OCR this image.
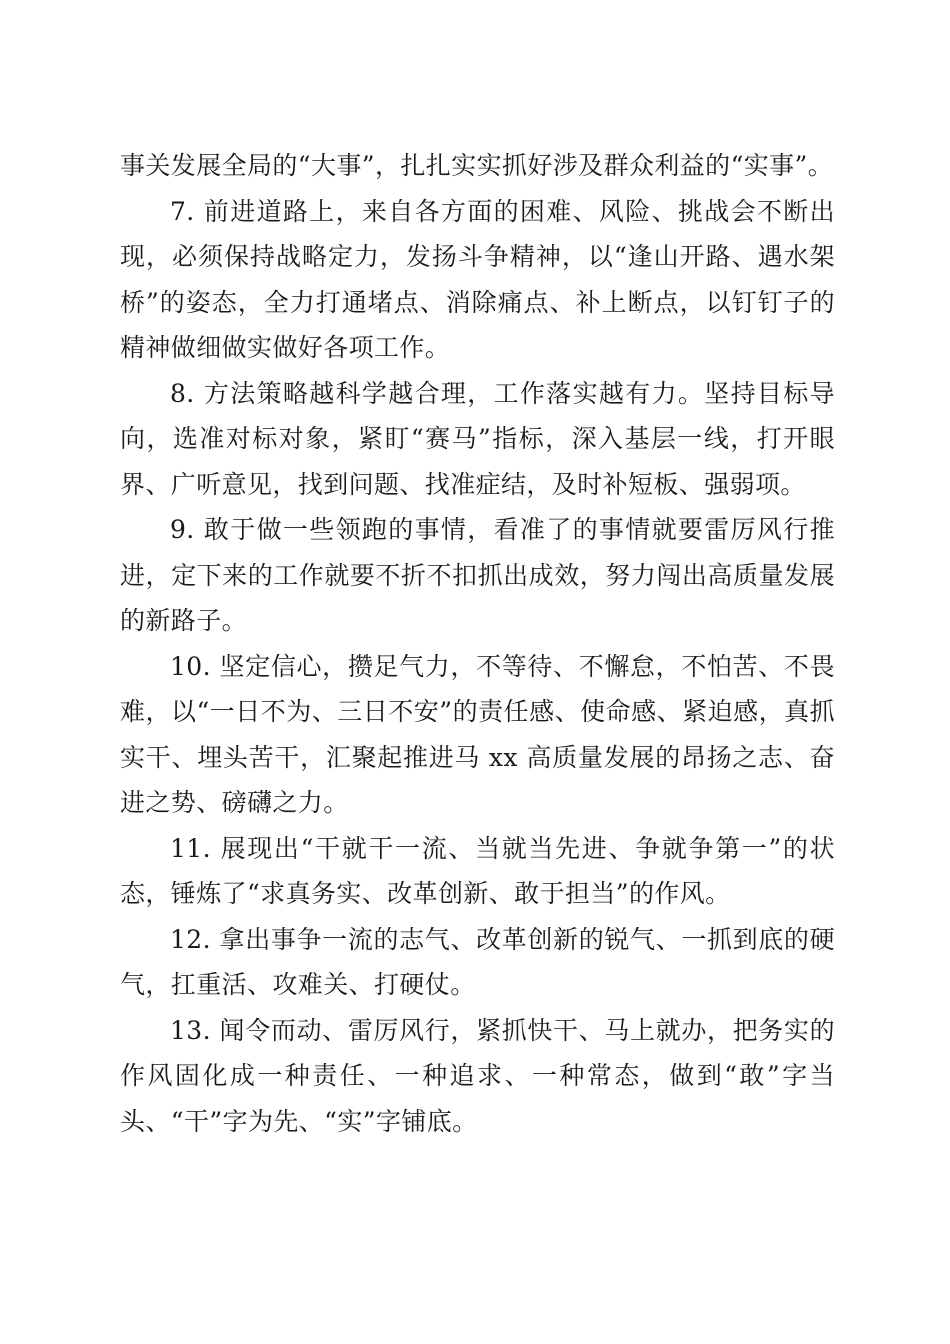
事关发展全局的“大事”，扎扎实实抓好涉及群众利益的“实事”。

7. 前进道路上，来自各方面的困难、风险、挑战会不断出现，必须保持战略定力，发扬斗争精神，以“逢山开路、遇水架桥”的姿态，全力打通堵点、消除痛点、补上断点，以钉钉子的精神做细做实做好各项工作。

8. 方法策略越科学越合理，工作落实越有力。坚持目标导向，选准对标对象，紧盯“赛马”指标，深入基层一线，打开眼界、广听意见，找到问题、找准症结，及时补短板、强弱项。

9. 敢于做一些领跑的事情，看准了的事情就要雷厉风行推进，定下来的工作就要不折不扣抓出成效，努力闯出高质量发展的新路子。

10. 坚定信心，攒足气力，不等待、不懈怠，不怕苦、不畏难，以“一日不为、三日不安”的责任感、使命感、紧迫感，真抓实干、埋头苦干，汇聚起推进马 xx 高质量发展的昂扬之志、奋进之势、磅礴之力。

11. 展现出“干就干一流、当就当先进、争就争第一”的状态，锤炼了“求真务实、改革创新、敢于担当”的作风。

12. 拿出事争一流的志气、改革创新的锐气、一抓到底的硬气，扛重活、攻难关、打硬仗。

13. 闻令而动、雷厉风行，紧抓快干、马上就办，把务实的作风固化成一种责任、一种追求、一种常态，做到“敢”字当头、“干”字为先、“实”字铺底。
